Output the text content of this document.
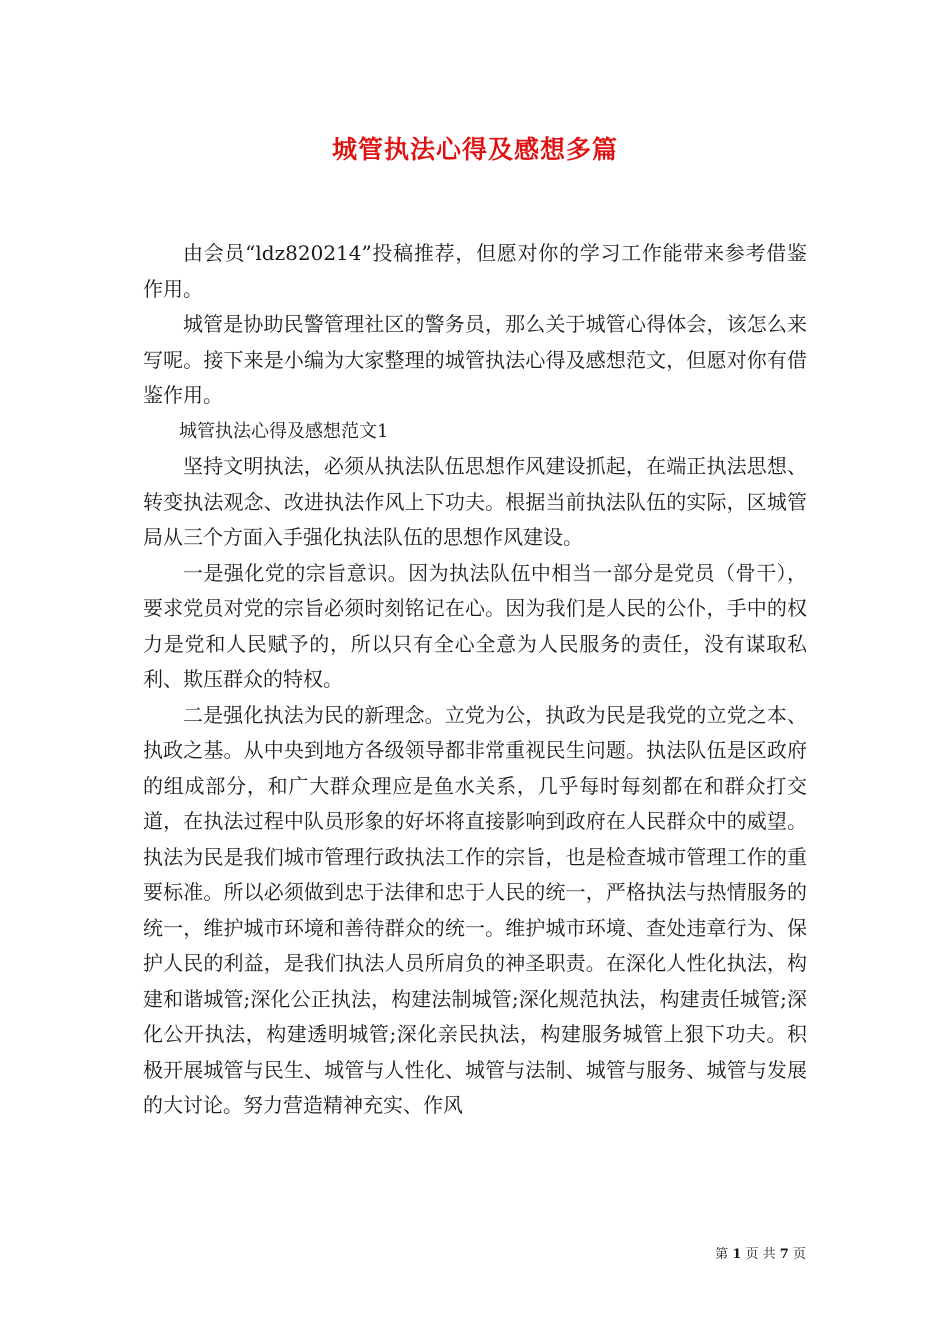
城管执法心得及感想多篇

由会员“ldz820214”投稿推荐，但愿对你的学习工作能带来参考借鉴作用。

城管是协助民警管理社区的警务员，那么关于城管心得体会，该怎么来写呢。接下来是小编为大家整理的城管执法心得及感想范文，但愿对你有借鉴作用。

城管执法心得及感想范文1

坚持文明执法，必须从执法队伍思想作风建设抓起，在端正执法思想、转变执法观念、改进执法作风上下功夫。根据当前执法队伍的实际，区城管局从三个方面入手强化执法队伍的思想作风建设。

一是强化党的宗旨意识。因为执法队伍中相当一部分是党员（骨干），要求党员对党的宗旨必须时刻铭记在心。因为我们是人民的公仆，手中的权力是党和人民赋予的，所以只有全心全意为人民服务的责任，没有谋取私利、欺压群众的特权。

二是强化执法为民的新理念。立党为公，执政为民是我党的立党之本、执政之基。从中央到地方各级领导都非常重视民生问题。执法队伍是区政府的组成部分，和广大群众理应是鱼水关系，几乎每时每刻都在和群众打交道，在执法过程中队员形象的好坏将直接影响到政府在人民群众中的威望。执法为民是我们城市管理行政执法工作的宗旨，也是检查城市管理工作的重要标准。所以必须做到忠于法律和忠于人民的统一，严格执法与热情服务的统一，维护城市环境和善待群众的统一。维护城市环境、查处违章行为、保护人民的利益，是我们执法人员所肩负的神圣职责。在深化人性化执法，构建和谐城管;深化公正执法，构建法制城管;深化规范执法，构建责任城管;深化公开执法，构建透明城管;深化亲民执法，构建服务城管上狠下功夫。积极开展城管与民生、城管与人性化、城管与法制、城管与服务、城管与发展的大讨论。努力营造精神充实、作风

第 1 页 共 7 页
